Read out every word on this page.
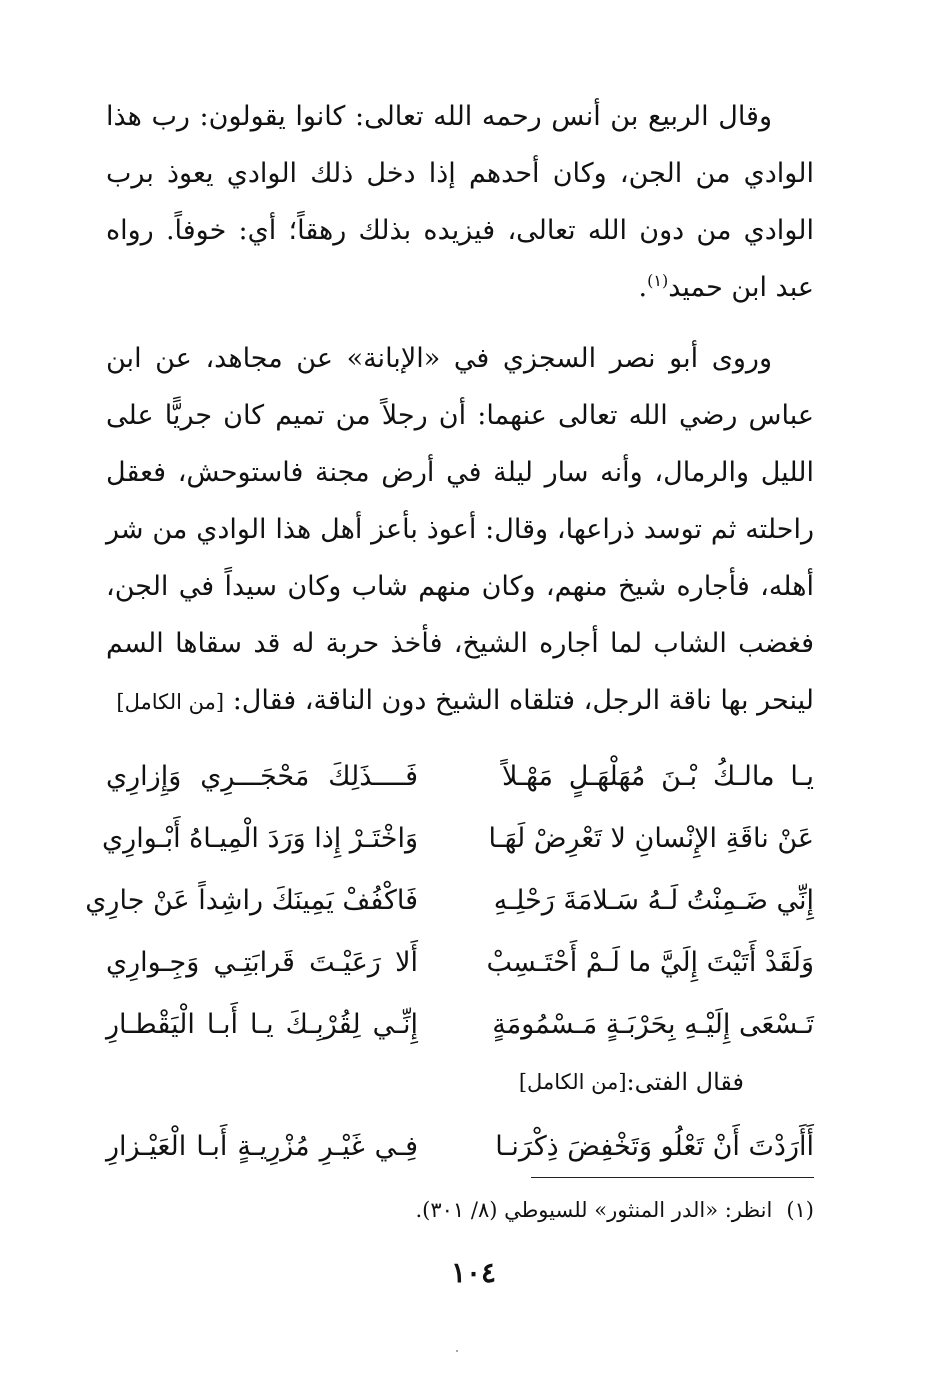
وقال الربيع بن أنس رحمه الله تعالى: كانوا يقولون: رب هذا الوادي من الجن، وكان أحدهم إذا دخل ذلك الوادي يعوذ برب الوادي من دون الله تعالى، فيزيده بذلك رهقاً؛ أي: خوفاً. رواه عبد ابن حميد$^{(١)}$.

وروى أبو نصر السجزي في «الإبانة» عن مجاهد، عن ابن عباس رضي الله تعالى عنهما: أن رجلاً من تميم كان جريًّا على الليل والرمال، وأنه سار ليلة في أرض مجنة فاستوحش، فعقل راحلته ثم توسد ذراعها، وقال: أعوذ بأعز أهل هذا الوادي من شر أهله، فأجاره شيخ منهم، وكان منهم شاب وكان سيداً في الجن، فغضب الشاب لما أجاره الشيخ، فأخذ حربة له قد سقاها السم لينحر بها ناقة الرجل، فتلقاه الشيخ دون الناقة، فقال: [من الكامل]

يـا مالـكُ بْـنَ مُهَلْهَـلٍ مَهْـلاً
فَــــذَلِكَ مَحْجَـــرِي وَإِزارِي
عَنْ ناقَةِ الإِنْسانِ لا تَعْرِضْ لَهَـا
وَاخْتَـرْ إِذا وَرَدَ الْمِيـاهُ أَبْـوارِي
إِنِّي ضَـمِنْتُ لَـهُ سَـلامَةَ رَحْلِـهِ
فَاكْفُفْ يَمِينَكَ راشِداً عَنْ جارِي
وَلَقَدْ أَتَيْتَ إِلَيَّ ما لَـمْ أَحْتَـسِبْ
أَلا رَعَيْـتَ قَرابَتِـي وَجِـوارِي
تَـسْعَى إِلَيْـهِ بِحَرْبَـةٍ مَـسْمُومَةٍ
إِنِّـي لِقُرْبِـكَ يـا أَبـا الْيَقْطـارِ
فقال الفتى:
[من الكامل]
أَأَرَدْتَ أَنْ تَعْلُو وَتَخْفِضَ ذِكْرَنـا
فِـي غَيْـرِ مُزْرِيـةٍ أَبـا الْعَيْـزارِ
(١)انظر: «الدر المنثور» للسيوطي (٨/ ٣٠١).
١٠٤
